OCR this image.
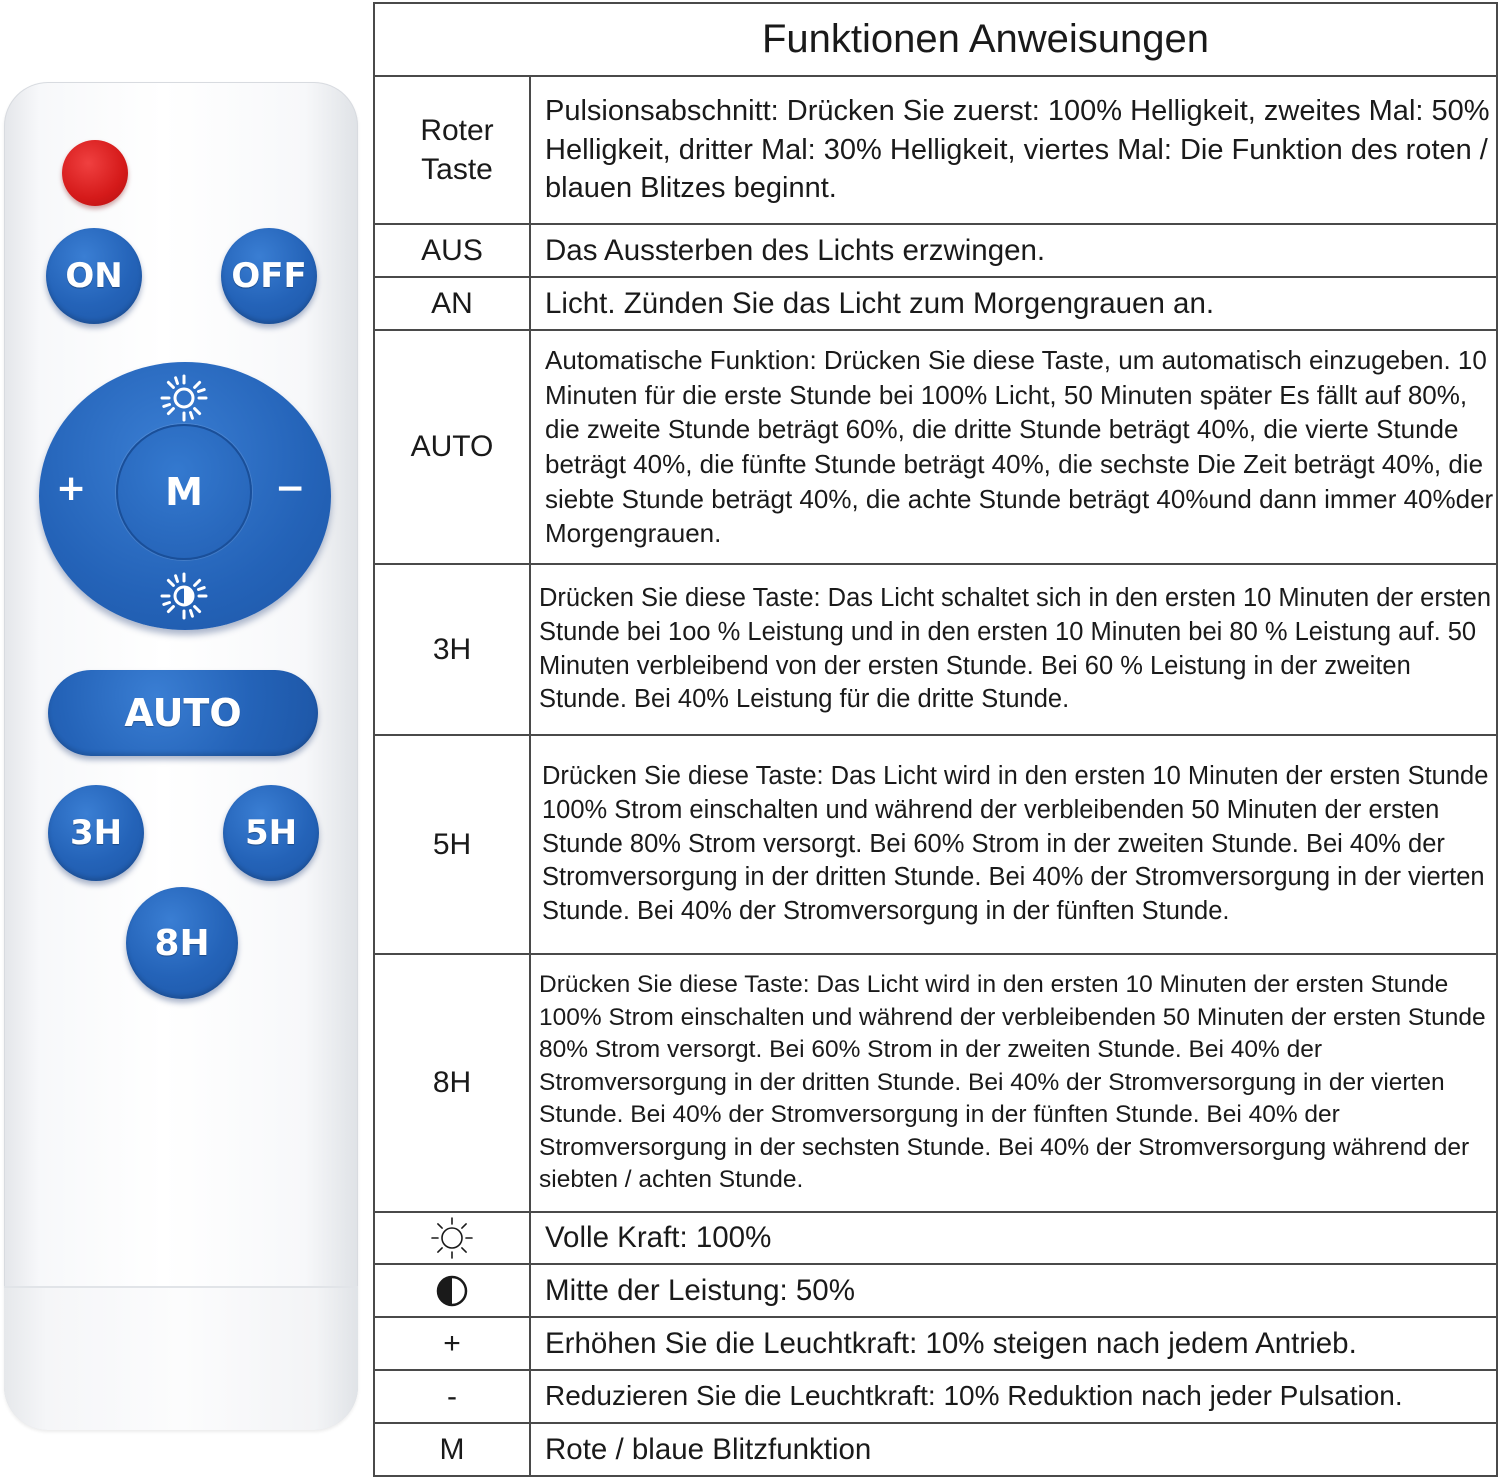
ON	OFF
+	−
M
AUTO
3H	5H
8H
Funktionen Anweisungen	
Roter Taste	Pulsionsabschnitt: Drücken Sie zuerst: 100% Helligkeit, zweites Mal: 50% Helligkeit, dritter Mal: 30% Helligkeit, viertes Mal: Die Funktion des roten / blauen Blitzes beginnt.
AUS	Das Aussterben des Lichts erzwingen.
AN	Licht. Zünden Sie das Licht zum Morgengrauen an.
AUTO	Automatische Funktion: Drücken Sie diese Taste, um automatisch einzugeben. 10 Minuten für die erste Stunde bei 100% Licht, 50 Minuten später Es fällt auf 80%, die zweite Stunde beträgt 60%, die dritte Stunde beträgt 40%, die vierte Stunde beträgt 40%, die fünfte Stunde beträgt 40%, die sechste Die Zeit beträgt 40%, die siebte Stunde beträgt 40%, die achte Stunde beträgt 40%und dann immer 40%der Morgengrauen.
3H	Drücken Sie diese Taste: Das Licht schaltet sich in den ersten 10 Minuten der ersten Stunde bei 1oo % Leistung und in den ersten 10 Minuten bei 80 % Leistung auf. 50 Minuten verbleibend von der ersten Stunde. Bei 60 % Leistung in der zweiten Stunde. Bei 40% Leistung für die dritte Stunde.
5H	Drücken Sie diese Taste: Das Licht wird in den ersten 10 Minuten der ersten Stunde 100% Strom einschalten und während der verbleibenden 50 Minuten der ersten Stunde 80% Strom versorgt. Bei 60% Strom in der zweiten Stunde. Bei 40% der Stromversorgung in der dritten Stunde. Bei 40% der Stromversorgung in der vierten Stunde. Bei 40% der Stromversorgung in der fünften Stunde.
8H	Drücken Sie diese Taste: Das Licht wird in den ersten 10 Minuten der ersten Stunde 100% Strom einschalten und während der verbleibenden 50 Minuten der ersten Stunde 80% Strom versorgt. Bei 60% Strom in der zweiten Stunde. Bei 40% der Stromversorgung in der dritten Stunde. Bei 40% der Stromversorgung in der vierten Stunde. Bei 40% der Stromversorgung in der fünften Stunde. Bei 40% der Stromversorgung in der sechsten Stunde. Bei 40% der Stromversorgung während der siebten / achten Stunde.
	Volle Kraft: 100%
	Mitte der Leistung: 50%
+	Erhöhen Sie die Leuchtkraft: 10% steigen nach jedem Antrieb.
-	Reduzieren Sie die Leuchtkraft: 10% Reduktion nach jeder Pulsation.
M	Rote / blaue Blitzfunktion
